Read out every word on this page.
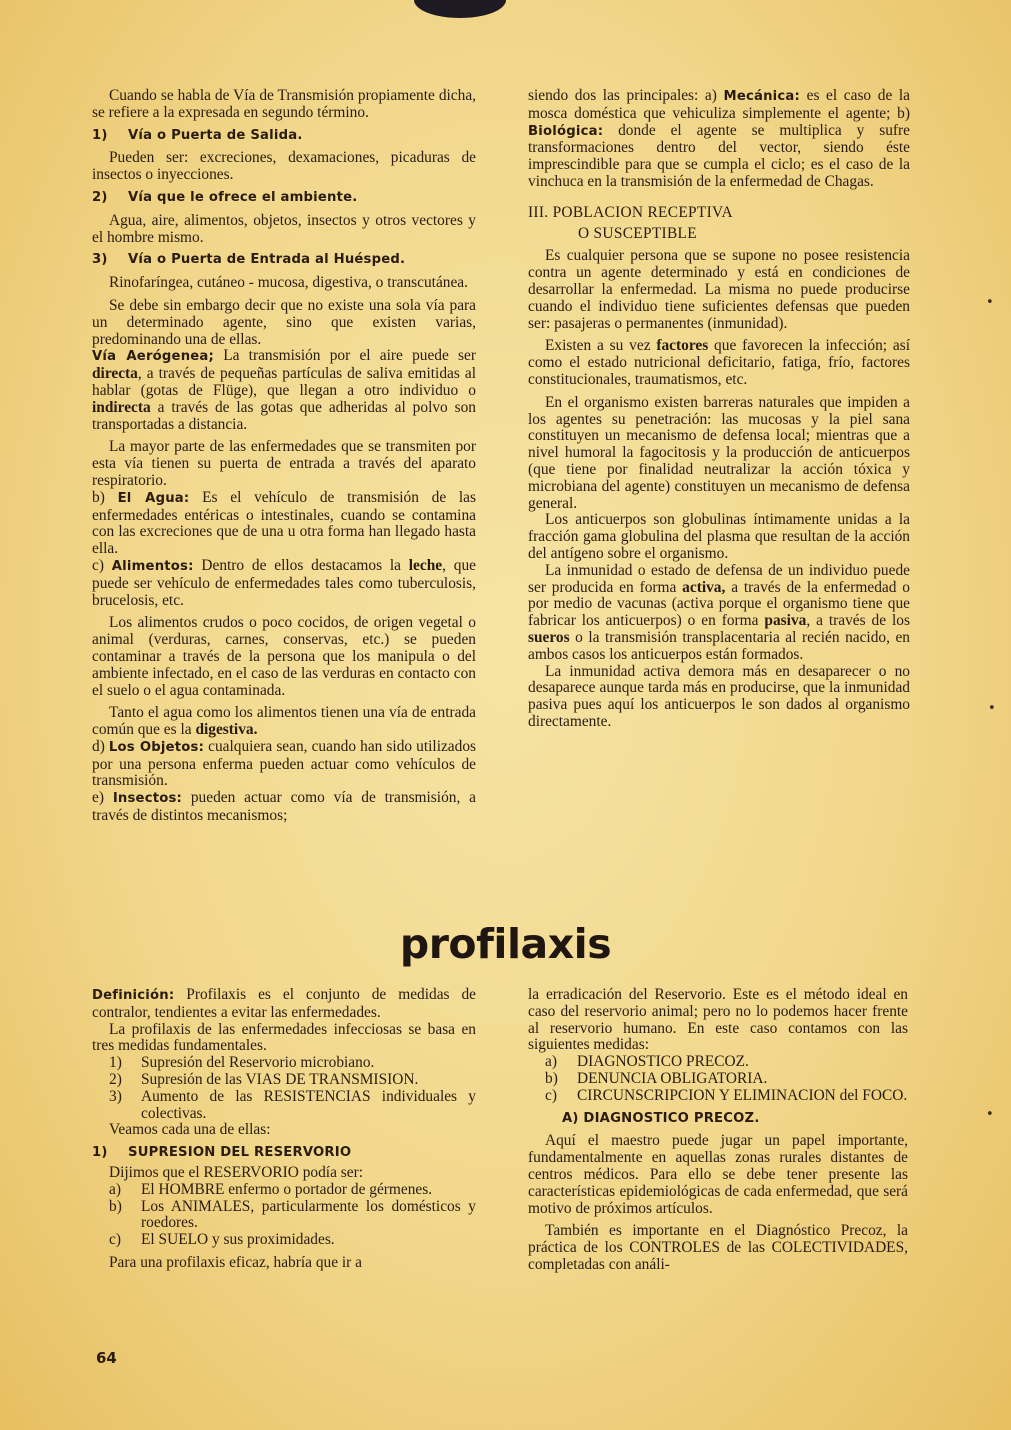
Cuando se habla de Vía de Transmisión propiamente dicha, se refiere a la expresada en segundo término.

1)	Vía o Puerta de Salida.

Pueden ser: excreciones, dexamaciones, picaduras de insectos o inyecciones.

2)	Vía que le ofrece el ambiente.

Agua, aire, alimentos, objetos, insectos y otros vectores y el hombre mismo.

3)	Vía o Puerta de Entrada al Huésped.

Rinofaríngea, cutáneo - mucosa, digestiva, o transcutánea.

Se debe sin embargo decir que no existe una sola vía para un determinado agente, sino que existen varias, predominando una de ellas.

Vía Aerógenea; La transmisión por el aire puede ser directa, a través de pequeñas partículas de saliva emitidas al hablar (gotas de Flüge), que llegan a otro individuo o indirecta a través de las gotas que adheridas al polvo son transportadas a distancia.

La mayor parte de las enfermedades que se transmiten por esta vía tienen su puerta de entrada a través del aparato respiratorio.

b) El Agua: Es el vehículo de transmisión de las enfermedades entéricas o intestinales, cuando se contamina con las excreciones que de una u otra forma han llegado hasta ella.

c) Alimentos: Dentro de ellos destacamos la leche, que puede ser vehículo de enfermedades tales como tuberculosis, brucelosis, etc.

Los alimentos crudos o poco cocidos, de origen vegetal o animal (verduras, carnes, conservas, etc.) se pueden contaminar a través de la persona que los manipula o del ambiente infectado, en el caso de las verduras en contacto con el suelo o el agua contaminada.

Tanto el agua como los alimentos tienen una vía de entrada común que es la digestiva.

d) Los Objetos: cualquiera sean, cuando han sido utilizados por una persona enferma pueden actuar como vehículos de transmisión.

e) Insectos: pueden actuar como vía de transmisión, a través de distintos mecanismos;

siendo dos las principales: a) Mecánica: es el caso de la mosca doméstica que vehiculiza simplemente el agente; b) Biológica: donde el agente se multiplica y sufre transformaciones dentro del vector, siendo éste imprescindible para que se cumpla el ciclo; es el caso de la vinchuca en la transmisión de la enfermedad de Chagas.

III. POBLACION RECEPTIVA

O SUSCEPTIBLE

Es cualquier persona que se supone no posee resistencia contra un agente determinado y está en condiciones de desarrollar la enfermedad. La misma no puede producirse cuando el individuo tiene suficientes defensas que pueden ser: pasajeras o permanentes (inmunidad).

Existen a su vez factores que favorecen la infección; así como el estado nutricional deficitario, fatiga, frío, factores constitucionales, traumatismos, etc.

En el organismo existen barreras naturales que impiden a los agentes su penetración: las mucosas y la piel sana constituyen un mecanismo de defensa local; mientras que a nivel humoral la fagocitosis y la producción de anticuerpos (que tiene por finalidad neutralizar la acción tóxica y microbiana del agente) constituyen un mecanismo de defensa general.

Los anticuerpos son globulinas íntimamente unidas a la fracción gama globulina del plasma que resultan de la acción del antígeno sobre el organismo.

La inmunidad o estado de defensa de un individuo puede ser producida en forma activa, a través de la enfermedad o por medio de vacunas (activa porque el organismo tiene que fabricar los anticuerpos) o en forma pasiva, a través de los sueros o la transmisión transplacentaria al recién nacido, en ambos casos los anticuerpos están formados.

La inmunidad activa demora más en desaparecer o no desaparece aunque tarda más en producirse, que la inmunidad pasiva pues aquí los anticuerpos le son dados al organismo directamente.

profilaxis

Definición: Profilaxis es el conjunto de medidas de contralor, tendientes a evitar las enfermedades.

La profilaxis de las enfermedades infecciosas se basa en tres medidas fundamentales.

1)	Supresión del Reservorio microbiano.
2)	Supresión de las VIAS DE TRANSMISION.
3)	Aumento de las RESISTENCIAS individuales y colectivas.

Veamos cada una de ellas:

1)	SUPRESION DEL RESERVORIO

Dijimos que el RESERVORIO podía ser:

a)	El HOMBRE enfermo o portador de gérmenes.
b)	Los ANIMALES, particularmente los domésticos y roedores.
c)	El SUELO y sus proximidades.

Para una profilaxis eficaz, habría que ir a

la erradicación del Reservorio. Este es el método ideal en caso del reservorio animal; pero no lo podemos hacer frente al reservorio humano. En este caso contamos con las siguientes medidas:

a)	DIAGNOSTICO PRECOZ.
b)	DENUNCIA OBLIGATORIA.
c)	CIRCUNSCRIPCION Y ELIMINACION del FOCO.

A) DIAGNOSTICO PRECOZ.

Aquí el maestro puede jugar un papel importante, fundamentalmente en aquellas zonas rurales distantes de centros médicos. Para ello se debe tener presente las características epidemiológicas de cada enfermedad, que será motivo de próximos artículos.

También es importante en el Diagnóstico Precoz, la práctica de los CONTROLES de las COLECTIVIDADES, completadas con análi-

64
•
•
•
